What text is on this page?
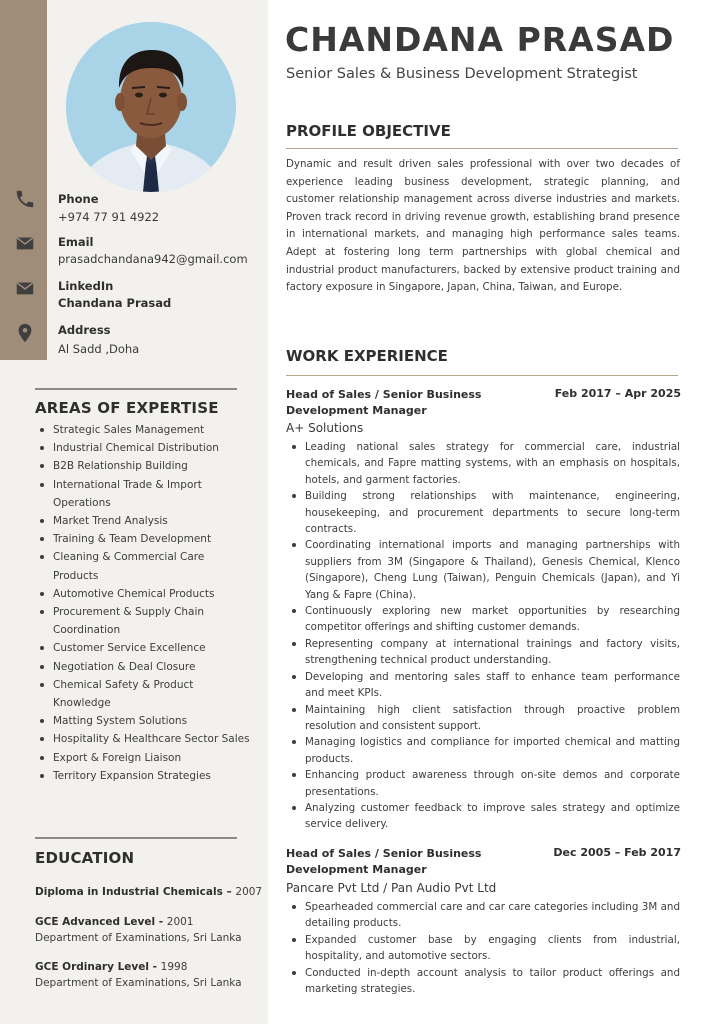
Phone
+974 77 91 4922
Email
prasadchandana942@gmail.com
LinkedIn
Chandana Prasad
Address
Al Sadd ,Doha
AREAS OF EXPERTISE
Strategic Sales Management
Industrial Chemical Distribution
B2B Relationship Building
International Trade & Import Operations
Market Trend Analysis
Training & Team Development
Cleaning & Commercial Care Products
Automotive Chemical Products
Procurement & Supply Chain Coordination
Customer Service Excellence
Negotiation & Deal Closure
Chemical Safety & Product Knowledge
Matting System Solutions
Hospitality & Healthcare Sector Sales
Export & Foreign Liaison
Territory Expansion Strategies
EDUCATION
Diploma in Industrial Chemicals – 2007
GCE Advanced Level - 2001
Department of Examinations, Sri Lanka
GCE Ordinary Level - 1998
Department of Examinations, Sri Lanka
CHANDANA PRASAD
Senior Sales & Business Development Strategist
PROFILE OBJECTIVE
Dynamic and result driven sales professional with over two decades of experience leading business development, strategic planning, and customer relationship management across diverse industries and markets. Proven track record in driving revenue growth, establishing brand presence in international markets, and managing high performance sales teams. Adept at fostering long term partnerships with global chemical and industrial product manufacturers, backed by extensive product training and factory exposure in Singapore, Japan, China, Taiwan, and Europe.
WORK EXPERIENCE
Head of Sales / Senior Business Development Manager
Feb 2017 – Apr 2025
A+ Solutions
Leading national sales strategy for commercial care, industrial chemicals, and Fapre matting systems, with an emphasis on hospitals, hotels, and garment factories.
Building strong relationships with maintenance, engineering, housekeeping, and procurement departments to secure long-term contracts.
Coordinating international imports and managing partnerships with suppliers from 3M (Singapore & Thailand), Genesis Chemical, Klenco (Singapore), Cheng Lung (Taiwan), Penguin Chemicals (Japan), and Yi Yang & Fapre (China).
Continuously exploring new market opportunities by researching competitor offerings and shifting customer demands.
Representing company at international trainings and factory visits, strengthening technical product understanding.
Developing and mentoring sales staff to enhance team performance and meet KPIs.
Maintaining high client satisfaction through proactive problem resolution and consistent support.
Managing logistics and compliance for imported chemical and matting products.
Enhancing product awareness through on-site demos and corporate presentations.
Analyzing customer feedback to improve sales strategy and optimize service delivery.
Head of Sales / Senior Business Development Manager
Dec 2005 – Feb 2017
Pancare Pvt Ltd / Pan Audio Pvt Ltd
Spearheaded commercial care and car care categories including 3M and detailing products.
Expanded customer base by engaging clients from industrial, hospitality, and automotive sectors.
Conducted in-depth account analysis to tailor product offerings and marketing strategies.
